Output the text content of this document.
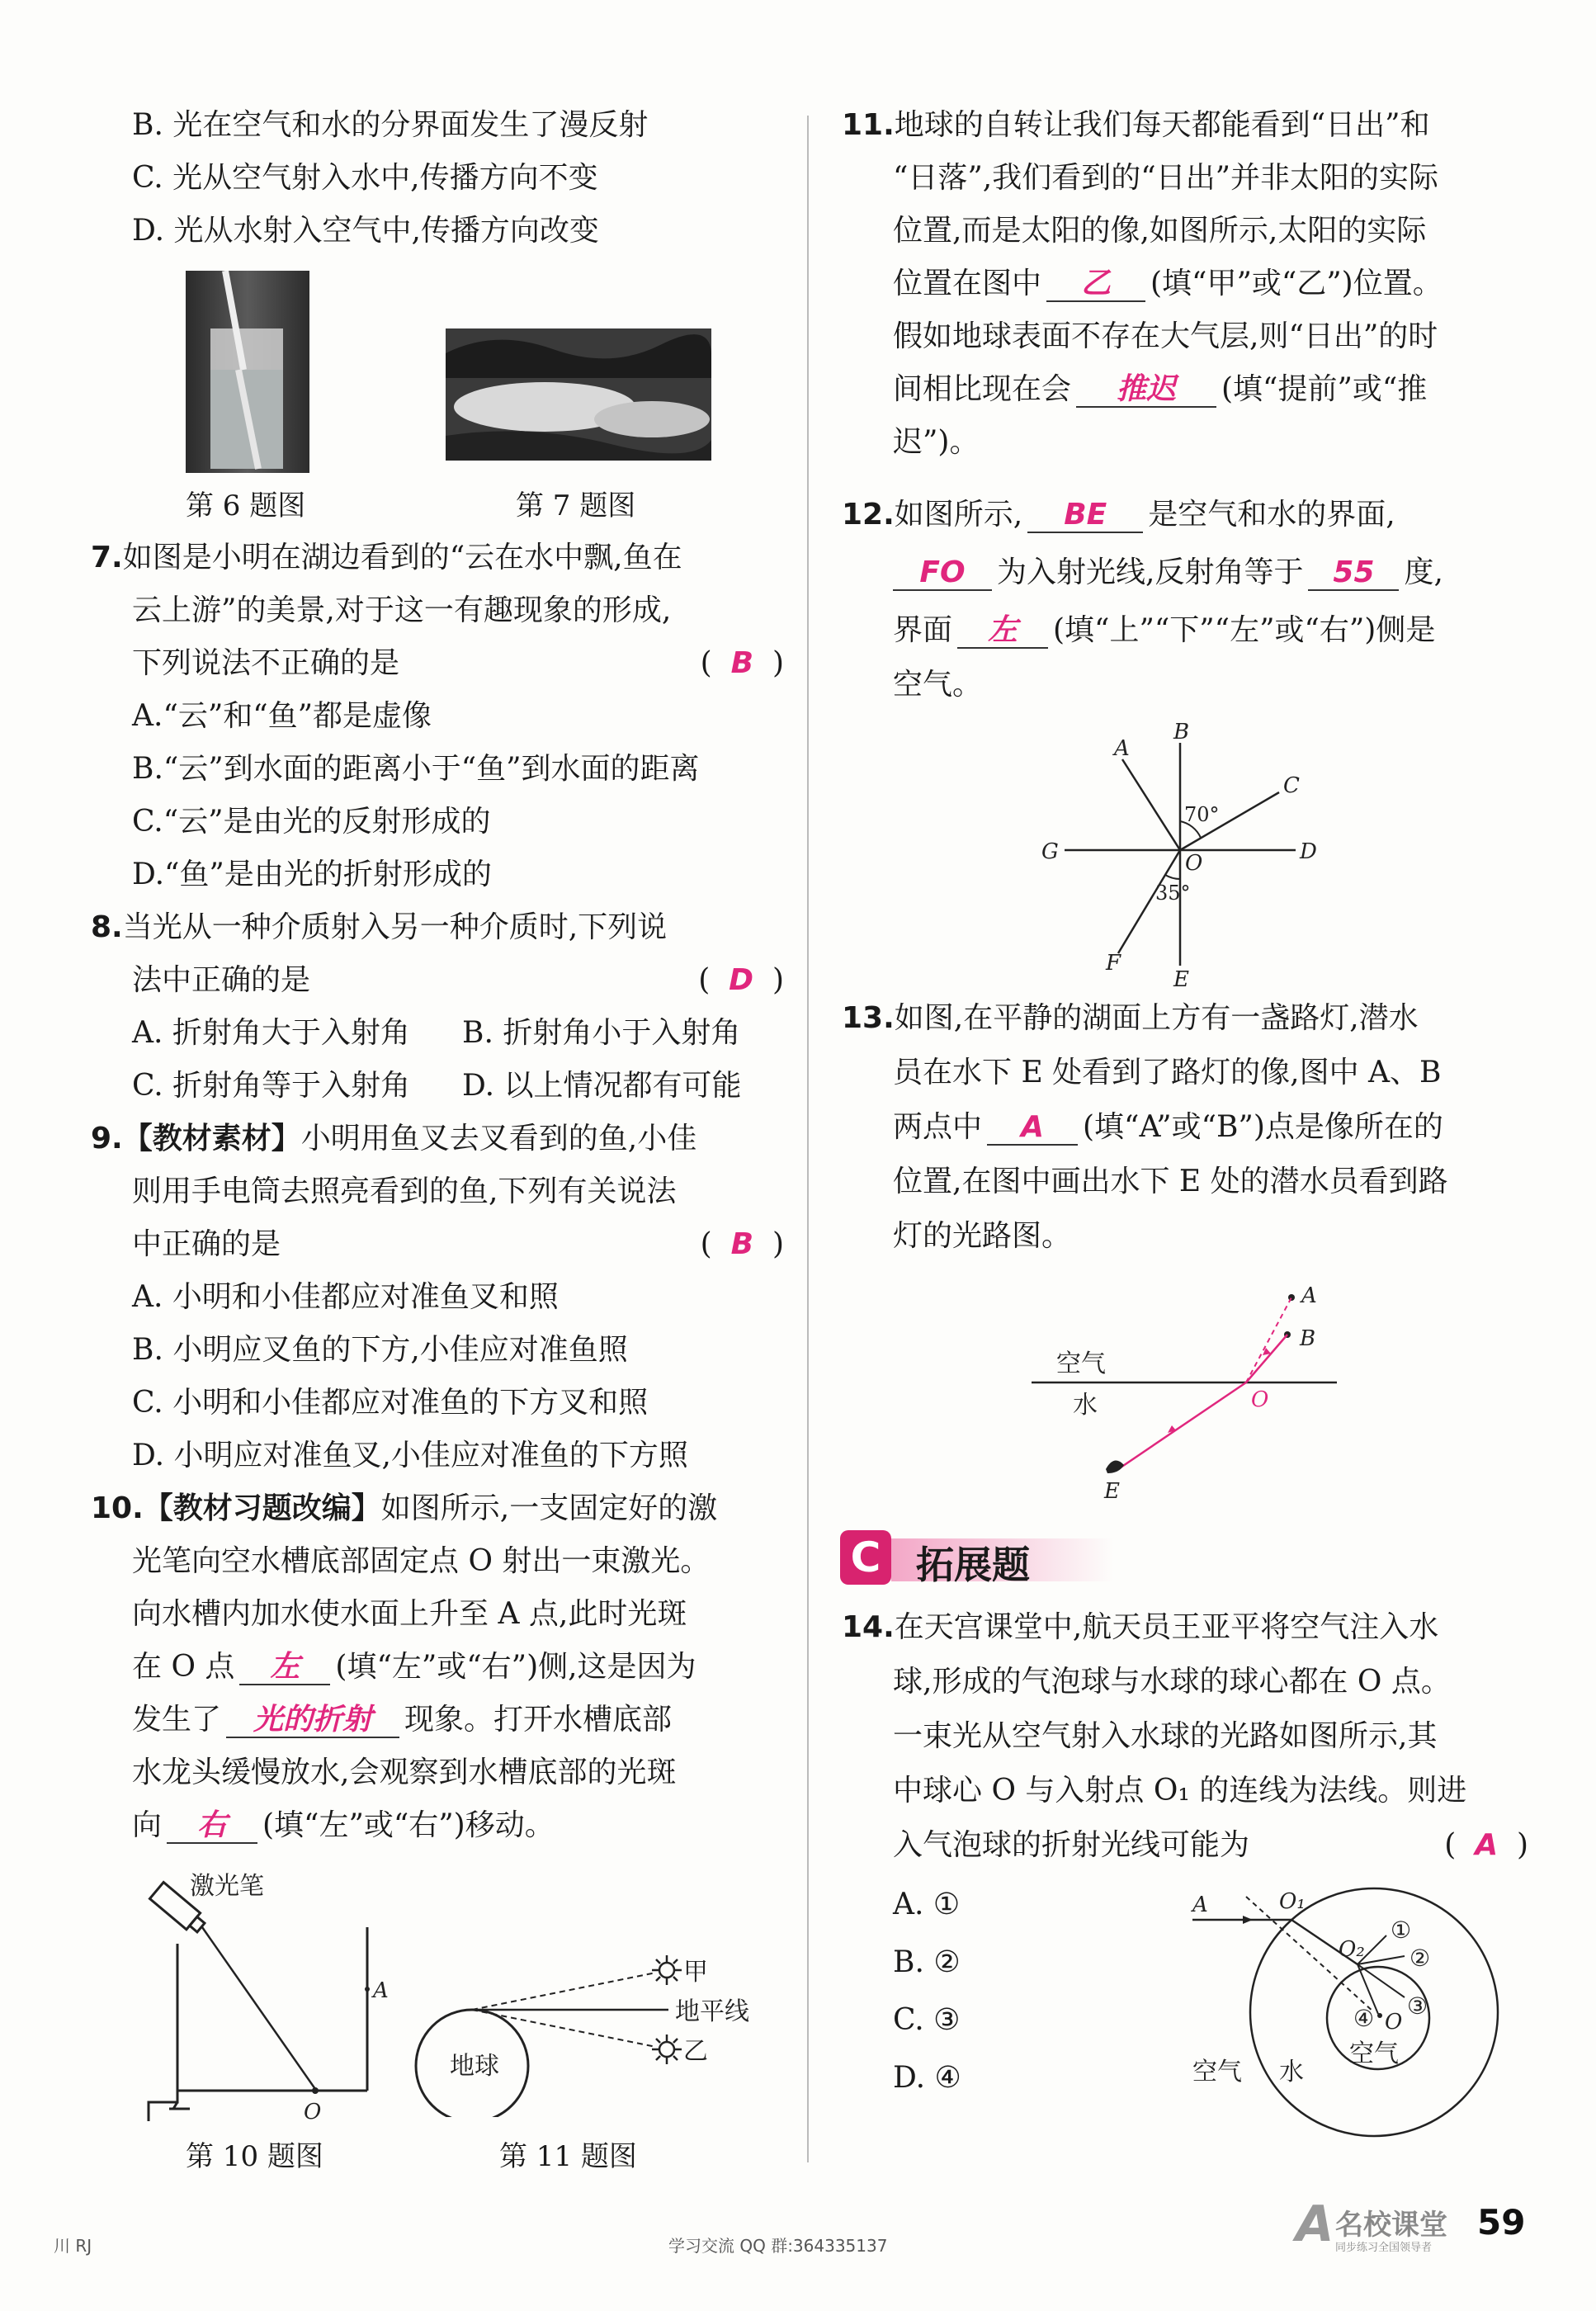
B. 光在空气和水的分界面发生了漫反射
C. 光从空气射入水中,传播方向不变
D. 光从水射入空气中,传播方向改变
第 6 题图	第 7 题图
7.如图是小明在湖边看到的“云在水中飘,鱼在
云上游”的美景,对于这一有趣现象的形成,
下列说法不正确的是	(  B  )
A.“云”和“鱼”都是虚像
B.“云”到水面的距离小于“鱼”到水面的距离
C.“云”是由光的反射形成的
D.“鱼”是由光的折射形成的
8.当光从一种介质射入另一种介质时,下列说
法中正确的是	(  D  )
A. 折射角大于入射角 B. 折射角小于入射角
C. 折射角等于入射角 D. 以上情况都有可能
9.【教材素材】小明用鱼叉去叉看到的鱼,小佳
则用手电筒去照亮看到的鱼,下列有关说法
中正确的是	(  B  )
A. 小明和小佳都应对准鱼叉和照
B. 小明应叉鱼的下方,小佳应对准鱼照
C. 小明和小佳都应对准鱼的下方叉和照
D. 小明应对准鱼叉,小佳应对准鱼的下方照
10.【教材习题改编】如图所示,一支固定好的激
光笔向空水槽底部固定点 O 射出一束激光。
向水槽内加水使水面上升至 A 点,此时光斑
在 O 点 左 (填“左”或“右”)侧,这是因为
发生了 光的折射 现象。打开水槽底部
水龙头缓慢放水,会观察到水槽底部的光斑
向 右 (填“左”或“右”)移动。
激光笔
A
O
第 10 题图
地球
甲
地平线
乙
第 11 题图
11.地球的自转让我们每天都能看到“日出”和
“日落”,我们看到的“日出”并非太阳的实际
位置,而是太阳的像,如图所示,太阳的实际
位置在图中 乙 (填“甲”或“乙”)位置。
假如地球表面不存在大气层,则“日出”的时
间相比现在会 推迟 (填“提前”或“推
迟”)。
12.如图所示, BE 是空气和水的界面,
FO 为入射光线,反射角等于 55 度,
界面 左 (填“上”“下”“左”或“右”)侧是
空气。
A
B
C
D
E
F
G	O
70°
35°
13.如图,在平静的湖面上方有一盏路灯,潜水
员在水下 E 处看到了路灯的像,图中 A、B
两点中 A (填“A”或“B”)点是像所在的
位置,在图中画出水下 E 处的潜水员看到路
灯的光路图。
空气
水
A
B
O
E
C 拓展题
14.在天宫课堂中,航天员王亚平将空气注入水
球,形成的气泡球与水球的球心都在 O 点。
一束光从空气射入水球的光路如图所示,其
中球心 O 与入射点 O₁ 的连线为法线。则进
入气泡球的折射光线可能为	(  A  )
A. ①
B. ②
C. ③
D. ④
A	O₁
O₂
O
①
②
③
④
空气 水
空气
川 RJ	学习交流 QQ 群:364335137	A 名校课堂
同步练习全国领导者
59
